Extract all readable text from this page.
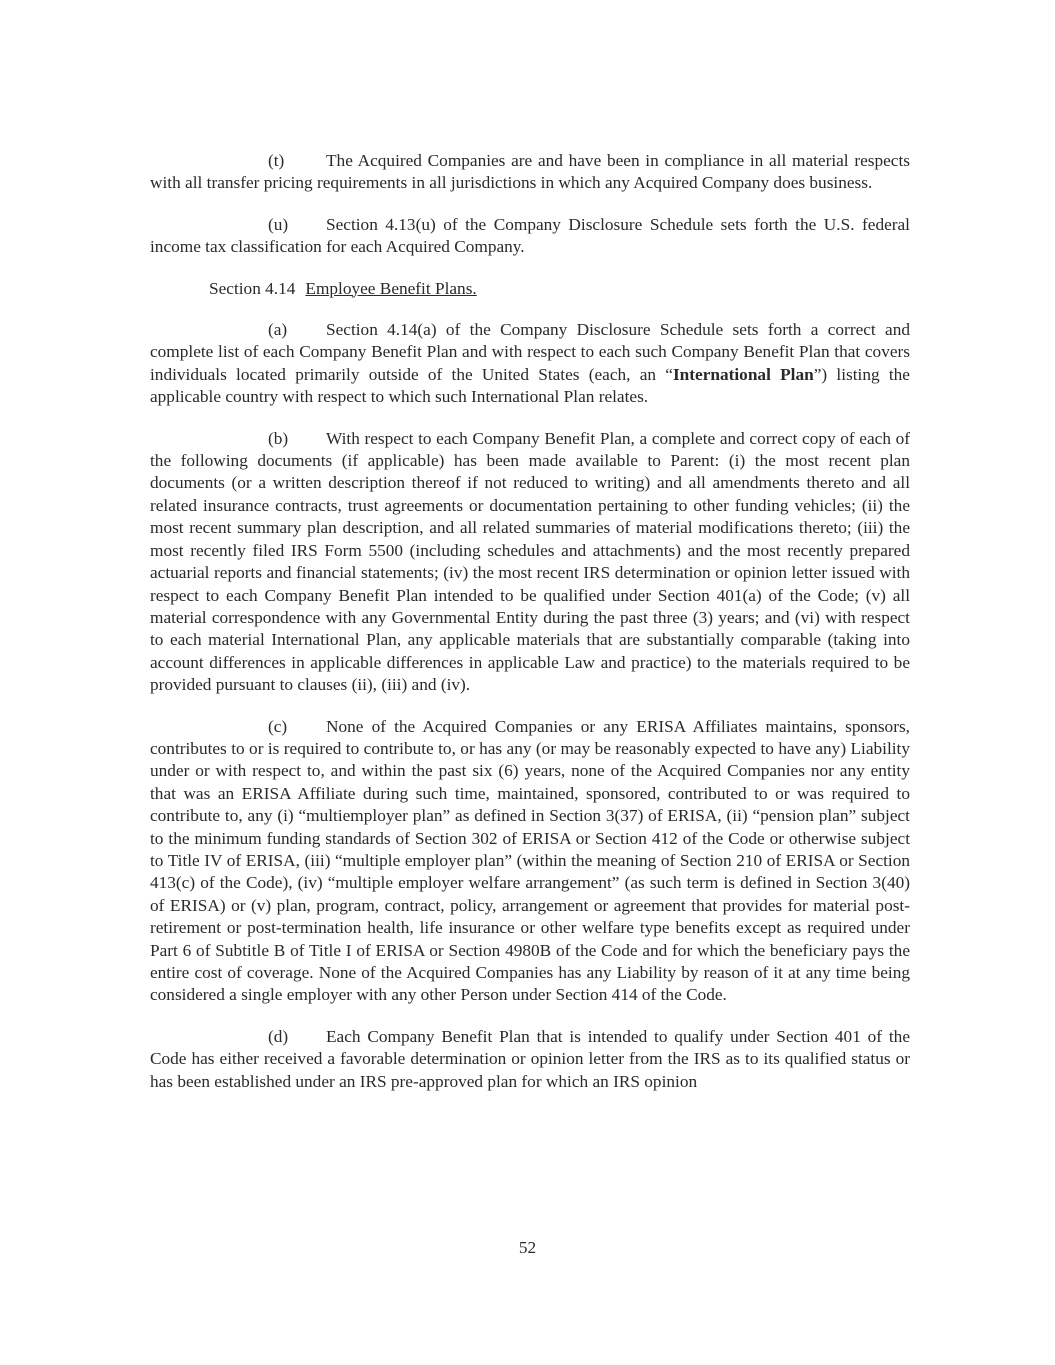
(t) The Acquired Companies are and have been in compliance in all material respects with all transfer pricing requirements in all jurisdictions in which any Acquired Company does business.

(u) Section 4.13(u) of the Company Disclosure Schedule sets forth the U.S. federal income tax classification for each Acquired Company.

Section 4.14 Employee Benefit Plans.

(a) Section 4.14(a) of the Company Disclosure Schedule sets forth a correct and complete list of each Company Benefit Plan and with respect to each such Company Benefit Plan that covers individuals located primarily outside of the United States (each, an “International Plan”) listing the applicable country with respect to which such International Plan relates.

(b) With respect to each Company Benefit Plan, a complete and correct copy of each of the following documents (if applicable) has been made available to Parent: (i) the most recent plan documents (or a written description thereof if not reduced to writing) and all amendments thereto and all related insurance contracts, trust agreements or documentation pertaining to other funding vehicles; (ii) the most recent summary plan description, and all related summaries of material modifications thereto; (iii) the most recently filed IRS Form 5500 (including schedules and attachments) and the most recently prepared actuarial reports and financial statements; (iv) the most recent IRS determination or opinion letter issued with respect to each Company Benefit Plan intended to be qualified under Section 401(a) of the Code; (v) all material correspondence with any Governmental Entity during the past three (3) years; and (vi) with respect to each material International Plan, any applicable materials that are substantially comparable (taking into account differences in applicable differences in applicable Law and practice) to the materials required to be provided pursuant to clauses (ii), (iii) and (iv).

(c) None of the Acquired Companies or any ERISA Affiliates maintains, sponsors, contributes to or is required to contribute to, or has any (or may be reasonably expected to have any) Liability under or with respect to, and within the past six (6) years, none of the Acquired Companies nor any entity that was an ERISA Affiliate during such time, maintained, sponsored, contributed to or was required to contribute to, any (i) “multiemployer plan” as defined in Section 3(37) of ERISA, (ii) “pension plan” subject to the minimum funding standards of Section 302 of ERISA or Section 412 of the Code or otherwise subject to Title IV of ERISA, (iii) “multiple employer plan” (within the meaning of Section 210 of ERISA or Section 413(c) of the Code), (iv) “multiple employer welfare arrangement” (as such term is defined in Section 3(40) of ERISA) or (v) plan, program, contract, policy, arrangement or agreement that provides for material post-retirement or post-termination health, life insurance or other welfare type benefits except as required under Part 6 of Subtitle B of Title I of ERISA or Section 4980B of the Code and for which the beneficiary pays the entire cost of coverage. None of the Acquired Companies has any Liability by reason of it at any time being considered a single employer with any other Person under Section 414 of the Code.

(d) Each Company Benefit Plan that is intended to qualify under Section 401 of the Code has either received a favorable determination or opinion letter from the IRS as to its qualified status or has been established under an IRS pre-approved plan for which an IRS opinion

52
